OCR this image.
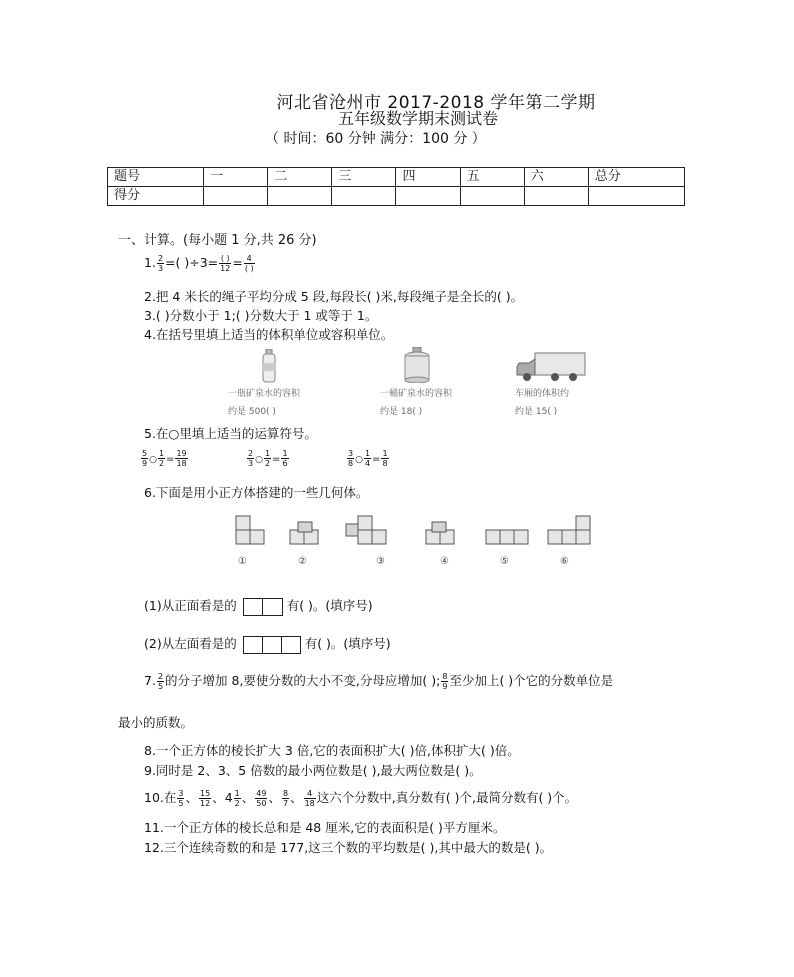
河北省沧州市 2017-2018 学年第二学期
五年级数学期末测试卷
（ 时间：60 分钟 满分：100 分 ）
题号	一	二	三	四	五	六	总分
得分							
一、计算。(每小题 1 分,共 26 分)
1. $\frac{2}{3}$ =( )$\div 3= \frac{( )}{12} = \frac{4}{( )}$
2.把 4 米长的绳子平均分成 5 段,每段长( )米,每段绳子是全长的( )。
3.( )分数小于 1;( )分数大于 1 或等于 1。
4.在括号里填上适当的体积单位或容积单位。
一瓶矿泉水的容积
约是 500( )
一桶矿泉水的容积
约是 18( )
车厢的体积约
约是 15( )
5.在○里填上适当的运算符号。
$\frac{5}{9}$ ○ $\frac{1}{2} = \frac{19}{18}$	$\frac{2}{3}$ ○ $\frac{1}{2} = \frac{1}{6}$	$\frac{3}{8}$ ○ $\frac{1}{4} = \frac{1}{8}$
6.下面是用小正方体搭建的一些几何体。
①	②	③	④	⑤	⑥
(1)从正面看是的	有( )。(填序号)
(2)从左面看是的	有( )。(填序号)
7. $\frac{2}{5}$ 的分子增加 8,要使分数的大小不变,分母应增加( ); $\frac{8}{9}$ 至少加上( )个它的分数单位是
最小的质数。
8.一个正方体的棱长扩大 3 倍,它的表面积扩大( )倍,体积扩大( )倍。
9.同时是 2、3、5 倍数的最小两位数是( ),最大两位数是( )。
10.在 $\frac{3}{5}$ 、 $\frac{15}{12}$ 、$4 \frac{1}{2}$ 、 $\frac{49}{50}$ 、 $\frac{8}{7}$ 、 $\frac{4}{18}$ 这六个分数中,真分数有( )个,最简分数有( )个。
11.一个正方体的棱长总和是 48 厘米,它的表面积是( )平方厘米。
12.三个连续奇数的和是 177,这三个数的平均数是( ),其中最大的数是( )。
